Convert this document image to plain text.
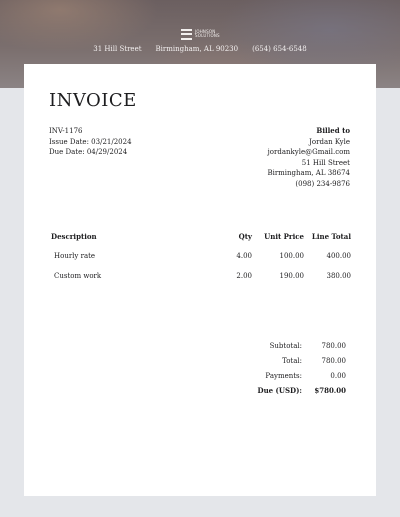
JOHNSON
SOLUTIONS
31 Hill Street Birmingham, AL 90230 (654) 654-6548
INVOICE
INV-1176
Issue Date: 03/21/2024
Due Date: 04/29/2024
Billed to
Jordan Kyle
jordankyle@Gmail.com
51 Hill Street
Birmingham, AL 38674
(098) 234-9876
Description	Qty	Unit Price	Line Total
Hourly rate	4.00	100.00	400.00
Custom work	2.00	190.00	380.00
Subtotal:	780.00
Total:	780.00
Payments:	0.00
Due (USD):	$780.00
